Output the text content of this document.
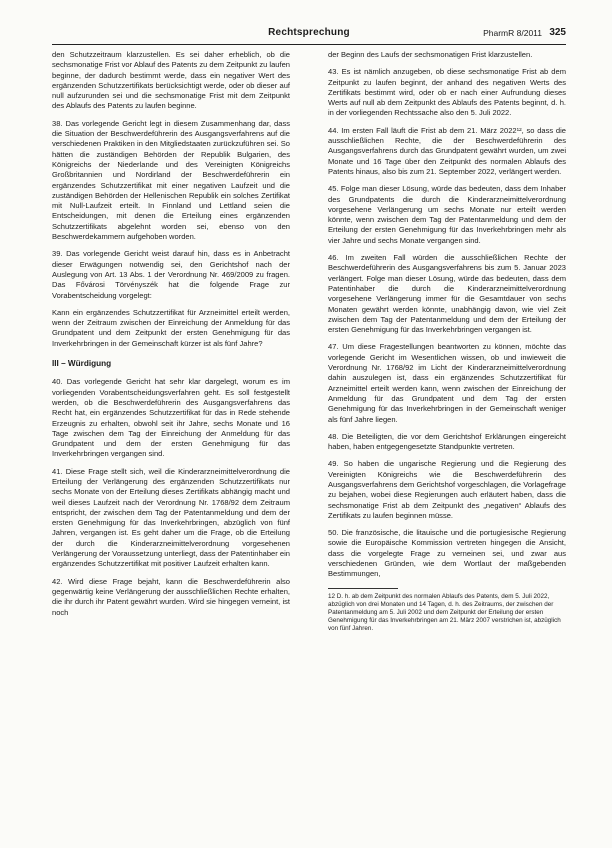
Rechtsprechung	PharmR 8/2011 325

den Schutzzeitraum klarzustellen. Es sei daher erheblich, ob die sechsmonatige Frist vor Ablauf des Patents zu dem Zeitpunkt zu laufen beginne, der dadurch bestimmt werde, dass ein negativer Wert des ergänzenden Schutzzertifikats berücksichtigt werde, oder ob dieser auf null aufzurunden sei und die sechsmonatige Frist mit dem Zeitpunkt des Ablaufs des Patents zu laufen beginne.

38. Das vorlegende Gericht legt in diesem Zusammenhang dar, dass die Situation der Beschwerdeführerin des Ausgangsverfahrens auf die verschiedenen Praktiken in den Mitgliedstaaten zurückzuführen sei. So hätten die zuständigen Behörden der Republik Bulgarien, des Königreichs der Niederlande und des Vereinigten Königreichs Großbritannien und Nordirland der Beschwerdeführerin ein ergänzendes Schutzzertifikat mit einer negativen Laufzeit und die zuständigen Behörden der Hellenischen Republik ein solches Zertifikat mit Null-Laufzeit erteilt. In Finnland und Lettland seien die Entscheidungen, mit denen die Erteilung eines ergänzenden Schutzzertifikats abgelehnt worden sei, ebenso von den Beschwerdekammern aufgehoben worden.

39. Das vorlegende Gericht weist darauf hin, dass es in Anbetracht dieser Erwägungen notwendig sei, den Gerichtshof nach der Auslegung von Art. 13 Abs. 1 der Verordnung Nr. 469/2009 zu fragen. Das Fővárosi Törvényszék hat die folgende Frage zur Vorabentscheidung vorgelegt:

Kann ein ergänzendes Schutzzertifikat für Arzneimittel erteilt werden, wenn der Zeitraum zwischen der Einreichung der Anmeldung für das Grundpatent und dem Zeitpunkt der ersten Genehmigung für das Inverkehrbringen in der Gemeinschaft kürzer ist als fünf Jahre?

III – Würdigung

40. Das vorlegende Gericht hat sehr klar dargelegt, worum es im vorliegenden Vorabentscheidungsverfahren geht. Es soll festgestellt werden, ob die Beschwerdeführerin des Ausgangsverfahrens das Recht hat, ein ergänzendes Schutzzertifikat für das in Rede stehende Erzeugnis zu erhalten, obwohl seit ihr Jahre, sechs Monate und 16 Tage zwischen dem Tag der Einreichung der Anmeldung für das Grundpatent und dem der ersten Genehmigung für das Inverkehrbringen vergangen sind.

41. Diese Frage stellt sich, weil die Kinderarzneimittelverordnung die Erteilung der Verlängerung des ergänzenden Schutzzertifikats nur sechs Monate von der Erteilung dieses Zertifikats abhängig macht und weil dieses Laufzeit nach der Verordnung Nr. 1768/92 dem Zeitraum entspricht, der zwischen dem Tag der Patentanmeldung und dem der ersten Genehmigung für das Inverkehrbringen, abzüglich von fünf Jahren, vergangen ist. Es geht daher um die Frage, ob die Erteilung der durch die Kinderarzneimittelverordnung vorgesehenen Verlängerung der Voraussetzung unterliegt, dass der Patentinhaber ein ergänzendes Schutzzertifikat mit positiver Laufzeit erhalten kann.

42. Wird diese Frage bejaht, kann die Beschwerdeführerin also gegenwärtig keine Verlängerung der ausschließlichen Rechte erhalten, die ihr durch ihr Patent gewährt wurden. Wird sie hingegen verneint, ist noch

der Beginn des Laufs der sechsmonatigen Frist klarzustellen.

43. Es ist nämlich anzugeben, ob diese sechsmonatige Frist ab dem Zeitpunkt zu laufen beginnt, der anhand des negativen Werts des Zertifikats bestimmt wird, oder ob er nach einer Aufrundung dieses Werts auf null ab dem Zeitpunkt des Ablaufs des Patents beginnt, d. h. in der vorliegenden Rechtssache also den 5. Juli 2022.

44. Im ersten Fall läuft die Frist ab dem 21. März 2022¹², so dass die ausschließlichen Rechte, die der Beschwerdeführerin des Ausgangsverfahrens durch das Grundpatent gewährt wurden, um zwei Monate und 16 Tage über den Zeitpunkt des normalen Ablaufs des Patents hinaus, also bis zum 21. September 2022, verlängert werden.

45. Folge man dieser Lösung, würde das bedeuten, dass dem Inhaber des Grundpatents die durch die Kinderarzneimittelverordnung vorgesehene Verlängerung um sechs Monate nur erteilt werden könnte, wenn zwischen dem Tag der Patentanmeldung und dem der Erteilung der ersten Genehmigung für das Inverkehrbringen mehr als vier Jahre und sechs Monate vergangen sind.

46. Im zweiten Fall würden die ausschließlichen Rechte der Beschwerdeführerin des Ausgangsverfahrens bis zum 5. Januar 2023 verlängert. Folge man dieser Lösung, würde das bedeuten, dass dem Patentinhaber die durch die Kinderarzneimittelverordnung vorgesehene Verlängerung immer für die Gesamtdauer von sechs Monaten gewährt werden könnte, unabhängig davon, wie viel Zeit zwischen dem Tag der Patentanmeldung und dem der Erteilung der ersten Genehmigung für das Inverkehrbringen vergangen ist.

47. Um diese Fragestellungen beantworten zu können, möchte das vorlegende Gericht im Wesentlichen wissen, ob und inwieweit die Verordnung Nr. 1768/92 im Licht der Kinderarzneimittelverordnung dahin auszulegen ist, dass ein ergänzendes Schutzzertifikat für Arzneimittel erteilt werden kann, wenn zwischen der Einreichung der Anmeldung für das Grundpatent und dem Tag der ersten Genehmigung für das Inverkehrbringen in der Gemeinschaft weniger als fünf Jahre liegen.

48. Die Beteiligten, die vor dem Gerichtshof Erklärungen eingereicht haben, haben entgegengesetzte Standpunkte vertreten.

49. So haben die ungarische Regierung und die Regierung des Vereinigten Königreichs wie die Beschwerdeführerin des Ausgangsverfahrens dem Gerichtshof vorgeschlagen, die Vorlagefrage zu bejahen, wobei diese Regierungen auch erläutert haben, dass die sechsmonatige Frist ab dem Zeitpunkt des „negativen“ Ablaufs des Zertifikats zu laufen beginnen müsse.

50. Die französische, die litauische und die portugiesische Regierung sowie die Europäische Kommission vertreten hingegen die Ansicht, dass die vorgelegte Frage zu verneinen sei, und zwar aus verschiedenen Gründen, wie dem Wortlaut der maßgebenden Bestimmungen,

12 D. h. ab dem Zeitpunkt des normalen Ablaufs des Patents, dem 5. Juli 2022, abzüglich von drei Monaten und 14 Tagen, d. h. des Zeitraums, der zwischen der Patentanmeldung am 5. Juli 2002 und dem Zeitpunkt der Erteilung der ersten Genehmigung für das Inverkehrbringen am 21. März 2007 verstrichen ist, abzüglich von fünf Jahren.
